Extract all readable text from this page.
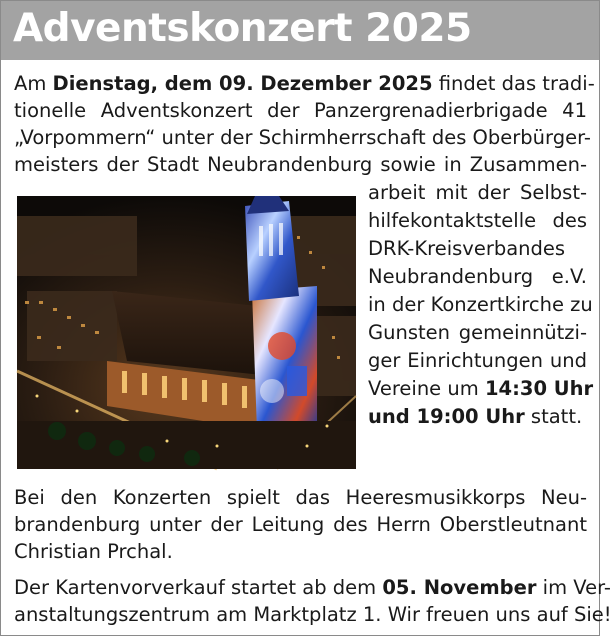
Adventskonzert 2025
Am Dienstag, dem 09. Dezember 2025 findet das tradi-
tionelle Adventskonzert der Panzergrenadierbrigade 41
„Vorpommern“ unter der Schirmherrschaft des Oberbürger-
meisters der Stadt Neubrandenburg sowie in Zusammen-
arbeit mit der Selbst-
hilfekontaktstelle des
DRK-Kreisverbandes
Neubrandenburg e.V.
in der Konzertkirche zu
Gunsten gemeinnützi-
ger Einrichtungen und
Vereine um 14:30 Uhr
und 19:00 Uhr statt.
Bei den Konzerten spielt das Heeresmusikkorps Neu-
brandenburg unter der Leitung des Herrn Oberstleutnant
Christian Prchal.
Der Kartenvorverkauf startet ab dem 05. November im Ver-
anstaltungszentrum am Marktplatz 1. Wir freuen uns auf Sie!
